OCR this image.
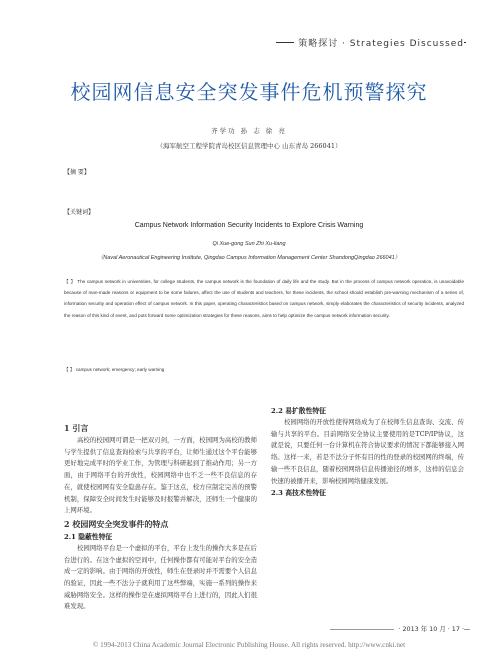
策略探讨 · Strategies Discussed
校园网信息安全突发事件危机预警探究
齐学功 孙 志 徐 亮
（海军航空工程学院青岛校区信息管理中心 山东青岛 266041）
【摘 要】
【关键词】
Campus Network Information Security Incidents to Explore Crisis Warning
Qi Xue-gong Sun Zhi Xu-liang
（Naval Aeronautical Engineering Institute, Qingdao Campus Information Management Center ShandongQingdao 266041）
【 】 The campus network in universities, for college students, the campus network is the foundation of daily life and the study. But in the process of campus network operation, is unavoidable because of man-made reasons or equipment to be some failures, affect the use of students and teachers, for these incidents, the school should establish pre-warning mechanism of a series of, information security and operation effect of campus network. In this paper, operating characteristics based on campus network, simply elaborates the characteristics of security incidents, analyzed the reason of this kind of event, and puts forward some optimization strategies for these reasons, aims to help optimize the campus network information security.
【 】 campus network; emergency; early warning

1 引言

高校的校园网可谓是一把双刃剑，一方面，校园网为高校的教师与学生提供了信息查询检索与共享的平台，让师生通过这个平台能够更好地完成平时的学业工作，为管理与科研起到了推动作用；另一方面，由于网络平台的开放性，校园网络中也不乏一些不良信息的存在，就使校园网有安全隐患存在。鉴于这点，校方应制定完善的预警机制，保障安全时间发生时能够及时报警并解决，还师生一个健康的上网环境。

2 校园网安全突发事件的特点

2.1 隐蔽性特征

校园网络平台是一个虚拟的平台，平台上发生的操作大多是在后台进行的。在这个虚拟的空间中，任何操作都有可能对平台的安全造成一定的影响。由于网络的开放性，师生在登录时并不需要个人信息的验证，因此一些不法分子就利用了这些弊端，实施一系列的操作来威胁网络安全。这样的操作是在虚拟网络平台上进行的，因此人们很难发现。

2.2 易扩散性特征

校园网络的开放性使得网络成为了在校师生信息查询、交流、传输与共享的平台。目前网络安全协议主要使用的是TCP/IP协议，这就是说，只要任何一台计算机在符合协议要求的情况下都能够接入网络。这样一来，若是不法分子怀有目的性的登录的校园网的终端，传输一些不良信息，随着校园网络信息传播途径的增多，这样的信息会快速的被播开来，影响校园网络健康发展。

2.3 高技术性特征

· 2013 年 10 月 · 17 ·
© 1994-2013 China Academic Journal Electronic Publishing House. All rights reserved. http://www.cnki.net
